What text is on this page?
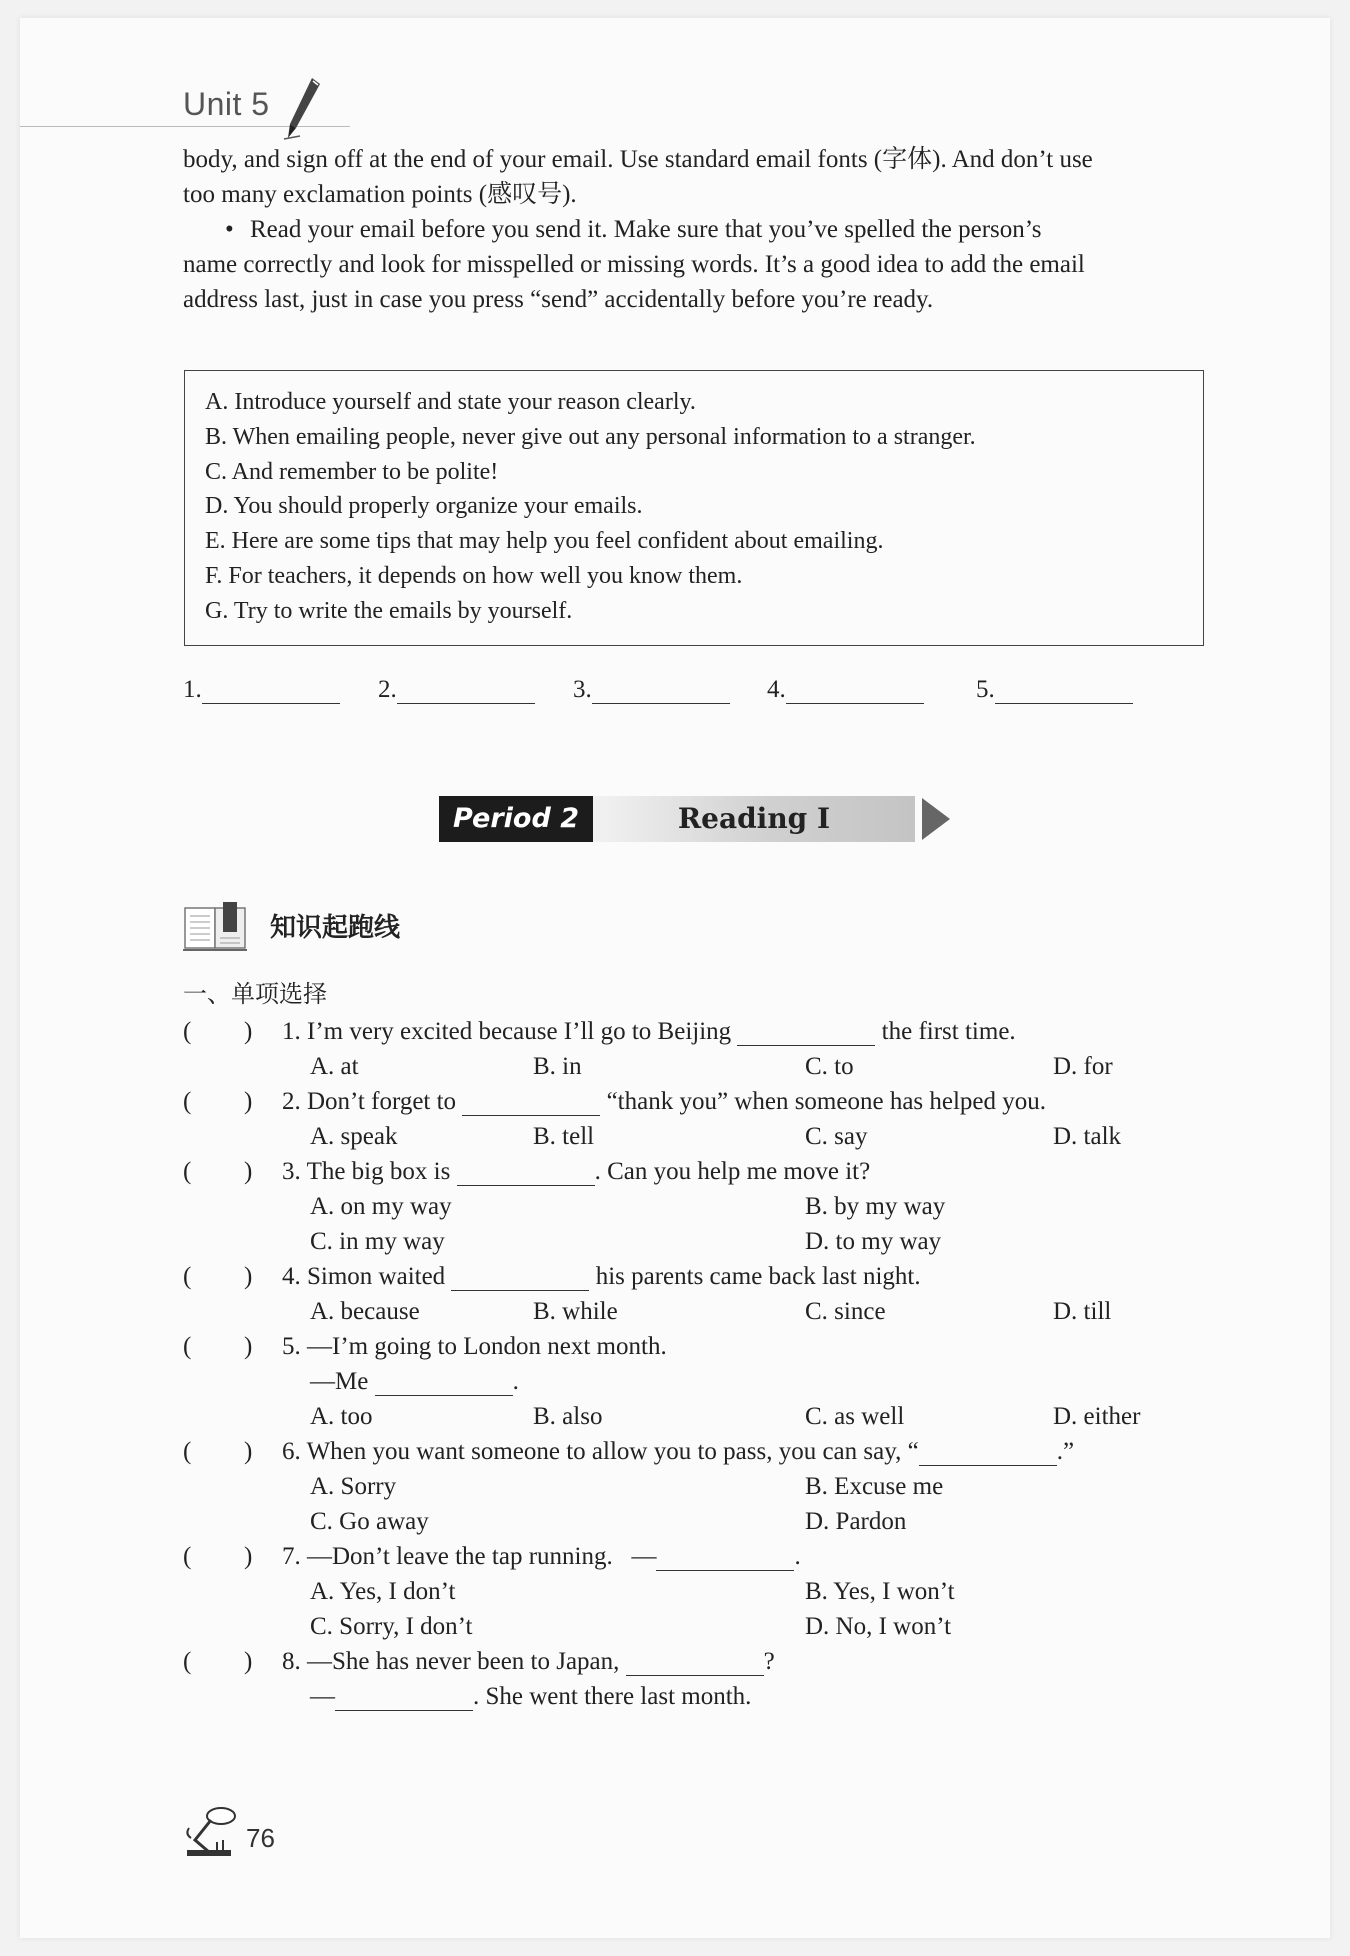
Unit 5
body, and sign off at the end of your email. Use standard email fonts (字体). And don’t use
too many exclamation points (感叹号).
• Read your email before you send it. Make sure that you’ve spelled the person’s
name correctly and look for misspelled or missing words. It’s a good idea to add the email
address last, just in case you press “send” accidentally before you’re ready.
A. Introduce yourself and state your reason clearly.
B. When emailing people, never give out any personal information to a stranger.
C. And remember to be polite!
D. You should properly organize your emails.
E. Here are some tips that may help you feel confident about emailing.
F. For teachers, it depends on how well you know them.
G. Try to write the emails by yourself.
1.	2.	3.	4.	5.
Period 2	Reading I
知识起跑线
一、单项选择
( ) 1. I’m very excited because I’ll go to Beijing	the first time.
A. at	B. in	C. to	D. for
( ) 2. Don’t forget to	“thank you” when someone has helped you.
A. speak	B. tell	C. say	D. talk
( ) 3. The big box is	. Can you help me move it?
A. on my way	B. by my way
C. in my way	D. to my way
( ) 4. Simon waited	his parents came back last night.
A. because	B. while	C. since	D. till
( ) 5. —I’m going to London next month.
—Me	.
A. too	B. also	C. as well	D. either
( ) 6. When you want someone to allow you to pass, you can say, “	.”
A. Sorry	B. Excuse me
C. Go away	D. Pardon
( ) 7. —Don’t leave the tap running. —	.
A. Yes, I don’t	B. Yes, I won’t
C. Sorry, I don’t	D. No, I won’t
( ) 8. —She has never been to Japan,	?
—	. She went there last month.
76
